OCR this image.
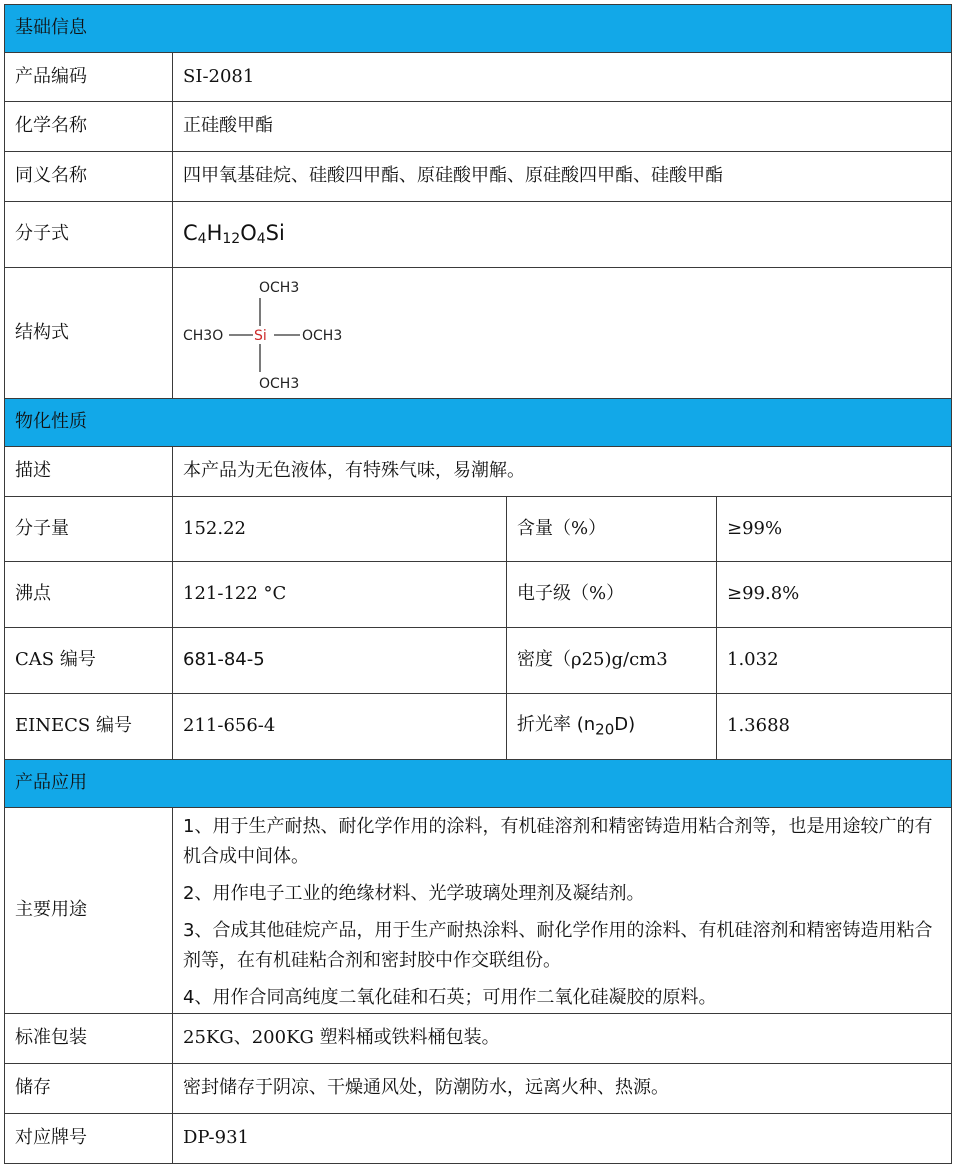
基础信息			
产品编码	SI-2081		
化学名称	正硅酸甲酯		
同义名称	四甲氧基硅烷、硅酸四甲酯、原硅酸甲酯、原硅酸四甲酯、硅酸甲酯		
分子式	$C_4H_{12}O_4Si$		
结构式	OCH3
CH3O Si OCH3
OCH3		

物化性质			
描述	本产品为无色液体，有特殊气味，易潮解。		
分子量	152.22	含量（%）	≥99%
沸点	121-122 °C	电子级（%）	≥99.8%
CAS 编号	681-84-5	密度（ρ25)g/cm3	1.032
EINECS 编号	211-656-4	折光率 $(n_{20}D)$	1.3688
产品应用			
主要用途	1、用于生产耐热、耐化学作用的涂料，有机硅溶剂和精密铸造用粘合剂等，也是用途较广的有机合成中间体。

2、用作电子工业的绝缘材料、光学玻璃处理剂及凝结剂。

3、合成其他硅烷产品，用于生产耐热涂料、耐化学作用的涂料、有机硅溶剂和精密铸造用粘合剂等，在有机硅粘合剂和密封胶中作交联组份。

4、用作合同高纯度二氧化硅和石英；可用作二氧化硅凝胶的原料。		

标准包装	25KG、200KG 塑料桶或铁料桶包装。		
储存	密封储存于阴凉、干燥通风处，防潮防水，远离火种、热源。		
对应牌号	DP-931		
